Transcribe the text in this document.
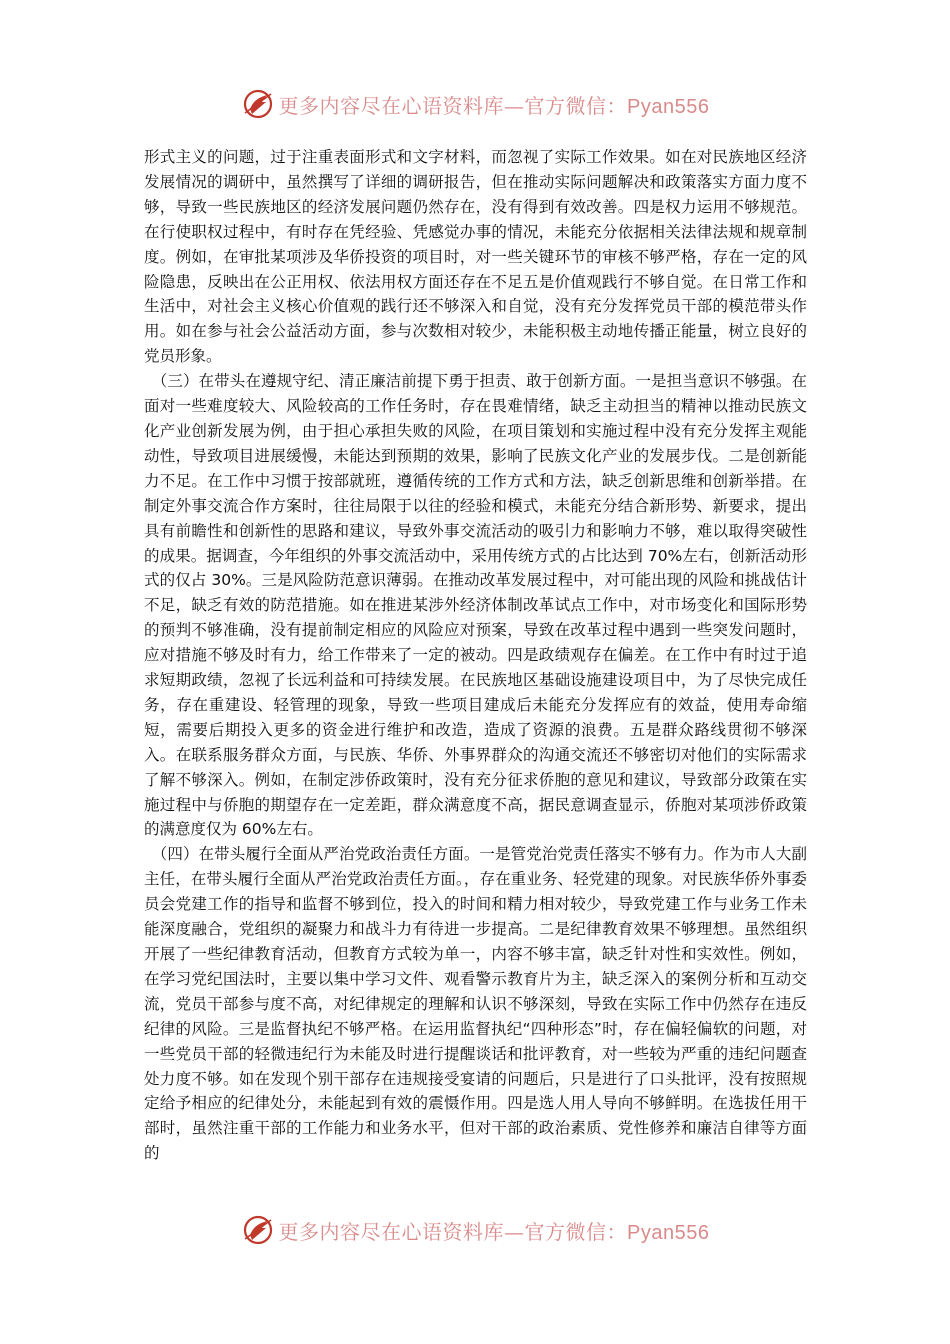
更多内容尽在心语资料库—官方微信：Pyan556

形式主义的问题，过于注重表面形式和文字材料，而忽视了实际工作效果。如在对民族地区经济发展情况的调研中，虽然撰写了详细的调研报告，但在推动实际问题解决和政策落实方面力度不够，导致一些民族地区的经济发展问题仍然存在，没有得到有效改善。四是权力运用不够规范。在行使职权过程中，有时存在凭经验、凭感觉办事的情况，未能充分依据相关法律法规和规章制度。例如，在审批某项涉及华侨投资的项目时，对一些关键环节的审核不够严格，存在一定的风险隐患，反映出在公正用权、依法用权方面还存在不足五是价值观践行不够自觉。在日常工作和生活中，对社会主义核心价值观的践行还不够深入和自觉，没有充分发挥党员干部的模范带头作用。如在参与社会公益活动方面，参与次数相对较少，未能积极主动地传播正能量，树立良好的党员形象。

（三）在带头在遵规守纪、清正廉洁前提下勇于担责、敢于创新方面。一是担当意识不够强。在面对一些难度较大、风险较高的工作任务时，存在畏难情绪，缺乏主动担当的精神以推动民族文化产业创新发展为例，由于担心承担失败的风险，在项目策划和实施过程中没有充分发挥主观能动性，导致项目进展缓慢，未能达到预期的效果，影响了民族文化产业的发展步伐。二是创新能力不足。在工作中习惯于按部就班，遵循传统的工作方式和方法，缺乏创新思维和创新举措。在制定外事交流合作方案时，往往局限于以往的经验和模式，未能充分结合新形势、新要求，提出具有前瞻性和创新性的思路和建议，导致外事交流活动的吸引力和影响力不够，难以取得突破性的成果。据调查，今年组织的外事交流活动中，采用传统方式的占比达到 70%左右，创新活动形式的仅占 30%。三是风险防范意识薄弱。在推动改革发展过程中，对可能出现的风险和挑战估计不足，缺乏有效的防范措施。如在推进某涉外经济体制改革试点工作中，对市场变化和国际形势的预判不够准确，没有提前制定相应的风险应对预案，导致在改革过程中遇到一些突发问题时，应对措施不够及时有力，给工作带来了一定的被动。四是政绩观存在偏差。在工作中有时过于追求短期政绩，忽视了长远利益和可持续发展。在民族地区基础设施建设项目中，为了尽快完成任务，存在重建设、轻管理的现象，导致一些项目建成后未能充分发挥应有的效益，使用寿命缩短，需要后期投入更多的资金进行维护和改造，造成了资源的浪费。五是群众路线贯彻不够深入。在联系服务群众方面，与民族、华侨、外事界群众的沟通交流还不够密切对他们的实际需求了解不够深入。例如，在制定涉侨政策时，没有充分征求侨胞的意见和建议，导致部分政策在实施过程中与侨胞的期望存在一定差距，群众满意度不高，据民意调查显示，侨胞对某项涉侨政策的满意度仅为 60%左右。

（四）在带头履行全面从严治党政治责任方面。一是管党治党责任落实不够有力。作为市人大副主任，在带头履行全面从严治党政治责任方面。，存在重业务、轻党建的现象。对民族华侨外事委员会党建工作的指导和监督不够到位，投入的时间和精力相对较少，导致党建工作与业务工作未能深度融合，党组织的凝聚力和战斗力有待进一步提高。二是纪律教育效果不够理想。虽然组织开展了一些纪律教育活动，但教育方式较为单一，内容不够丰富，缺乏针对性和实效性。例如，在学习党纪国法时，主要以集中学习文件、观看警示教育片为主，缺乏深入的案例分析和互动交流，党员干部参与度不高，对纪律规定的理解和认识不够深刻，导致在实际工作中仍然存在违反纪律的风险。三是监督执纪不够严格。在运用监督执纪“四种形态”时，存在偏轻偏软的问题，对一些党员干部的轻微违纪行为未能及时进行提醒谈话和批评教育，对一些较为严重的违纪问题查处力度不够。如在发现个别干部存在违规接受宴请的问题后，只是进行了口头批评，没有按照规定给予相应的纪律处分，未能起到有效的震慑作用。四是选人用人导向不够鲜明。在选拔任用干部时，虽然注重干部的工作能力和业务水平，但对干部的政治素质、党性修养和廉洁自律等方面的

更多内容尽在心语资料库—官方微信：Pyan556
